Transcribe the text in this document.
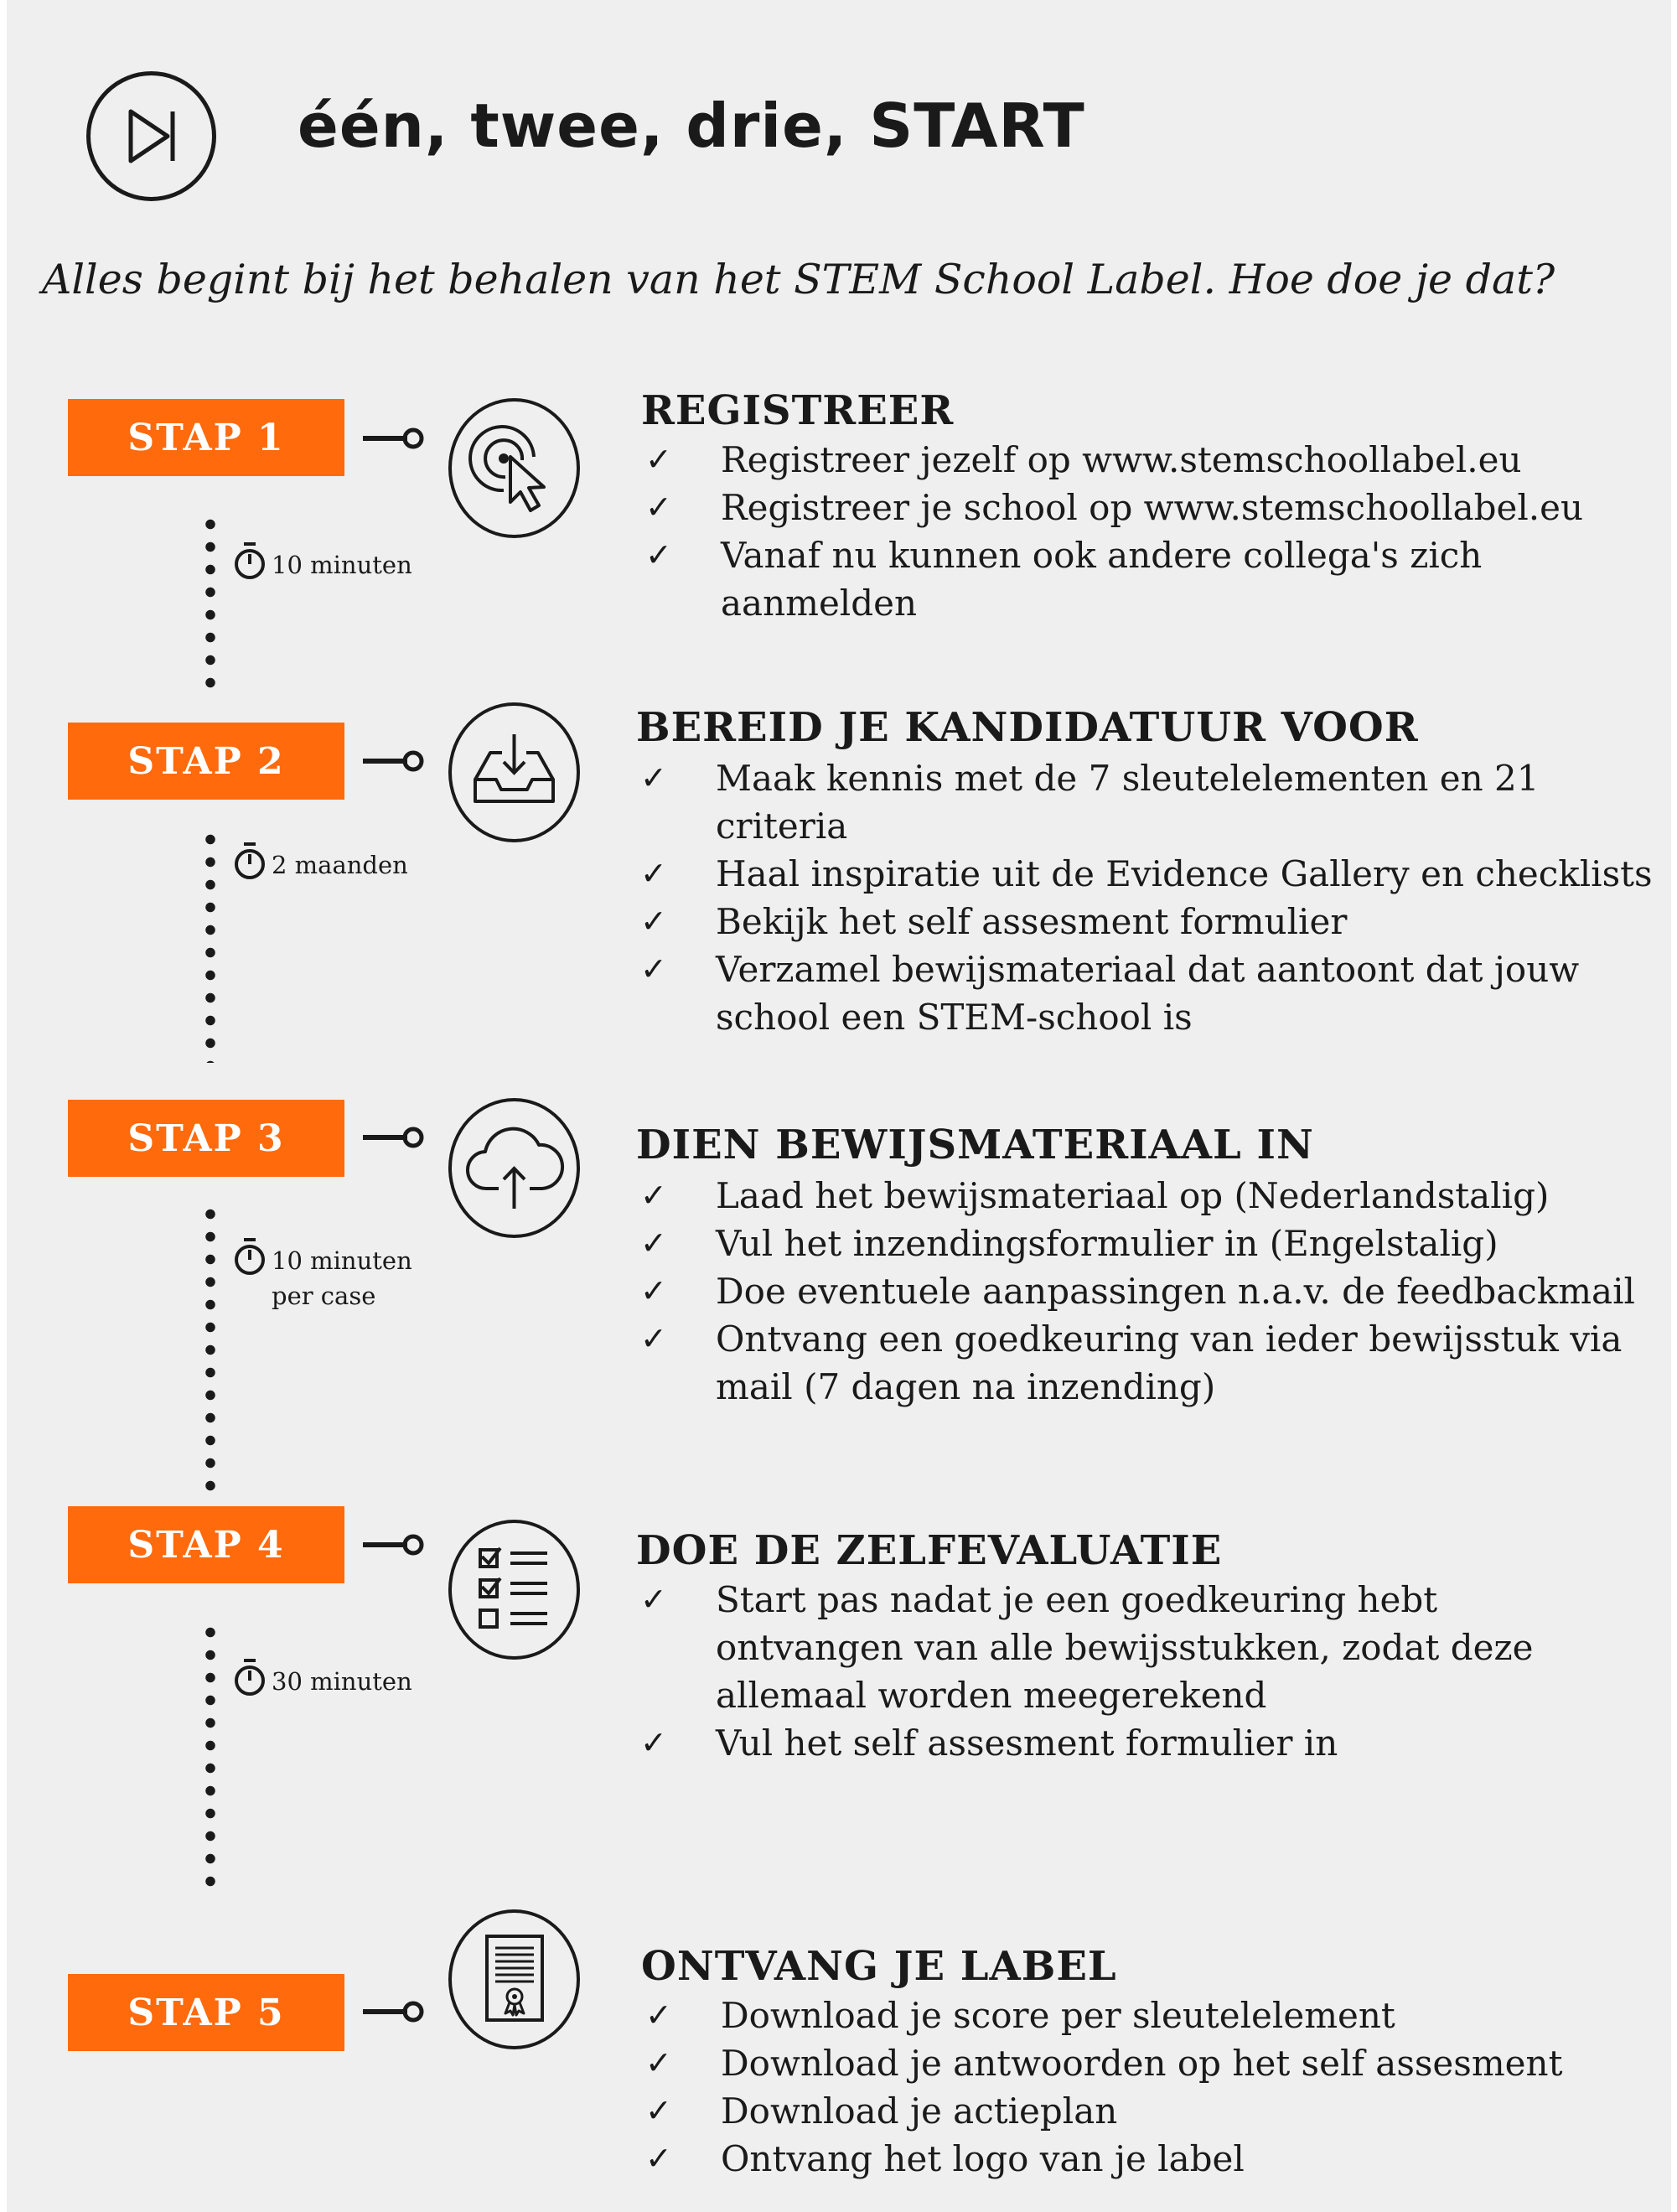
één, twee, drie, START
Alles begint bij het behalen van het STEM School Label. Hoe doe je dat?
STAP 1
10 minuten
REGISTREER
✓ Registreer jezelf op www.stemschoollabel.eu
✓ Registreer je school op www.stemschoollabel.eu
✓ Vanaf nu kunnen ook andere collega's zich aanmelden
STAP 2
2 maanden
BEREID JE KANDIDATUUR VOOR
✓ Maak kennis met de 7 sleutelelementen en 21 criteria
✓ Haal inspiratie uit de Evidence Gallery en checklists
✓ Bekijk het self assesment formulier
✓ Verzamel bewijsmateriaal dat aantoont dat jouw school een STEM-school is
STAP 3
10 minuten
per case
DIEN BEWIJSMATERIAAL IN
✓ Laad het bewijsmateriaal op (Nederlandstalig)
✓ Vul het inzendingsformulier in (Engelstalig)
✓ Doe eventuele aanpassingen n.a.v. de feedbackmail
✓ Ontvang een goedkeuring van ieder bewijsstuk via mail (7 dagen na inzending)
STAP 4
30 minuten
DOE DE ZELFEVALUATIE
✓ Start pas nadat je een goedkeuring hebt ontvangen van alle bewijsstukken, zodat deze allemaal worden meegerekend
✓ Vul het self assesment formulier in
STAP 5
ONTVANG JE LABEL
✓ Download je score per sleutelelement
✓ Download je antwoorden op het self assesment
✓ Download je actieplan
✓ Ontvang het logo van je label
